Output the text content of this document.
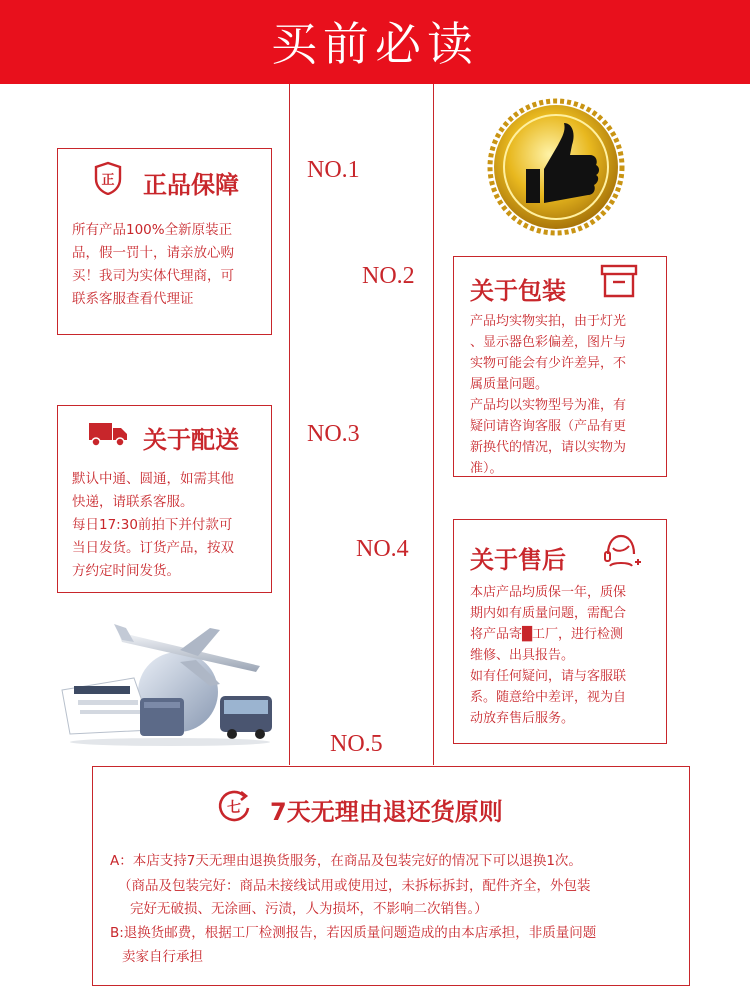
买前必读
NO.1
NO.2
NO.3
NO.4
NO.5
正 正品保障

所有产品100%全新原装正

品，假一罚十，请亲放心购

买！我司为实体代理商，可

联系客服查看代理证	关于包装

产品均实物实拍，由于灯光

、显示器色彩偏差，图片与

实物可能会有少许差异，不

属质量问题。

产品均以实物型号为准，有

疑问请咨询客服（产品有更

新换代的情况，请以实物为

准）。

关于配送

默认中通、圆通，如需其他

快递，请联系客服。

每日17:30前拍下并付款可

当日发货。订货产品，按双

方约定时间发货。	关于售后

本店产品均质保一年，质保

期内如有质量问题，需配合

将产品寄█工厂，进行检测

维修、出具报告。

如有任何疑问，请与客服联

系。随意给中差评，视为自

动放弃售后服务。

七 7天无理由退还货原则
A：本店支持7天无理由退换货服务，在商品及包装完好的情况下可以退换1次。
（商品及包装完好：商品未接线试用或使用过，未拆标拆封，配件齐全，外包装
完好无破损、无涂画、污渍，人为损坏，不影响二次销售。）
B:退换货邮费，根据工厂检测报告，若因质量问题造成的由本店承担，非质量问题
卖家自行承担
